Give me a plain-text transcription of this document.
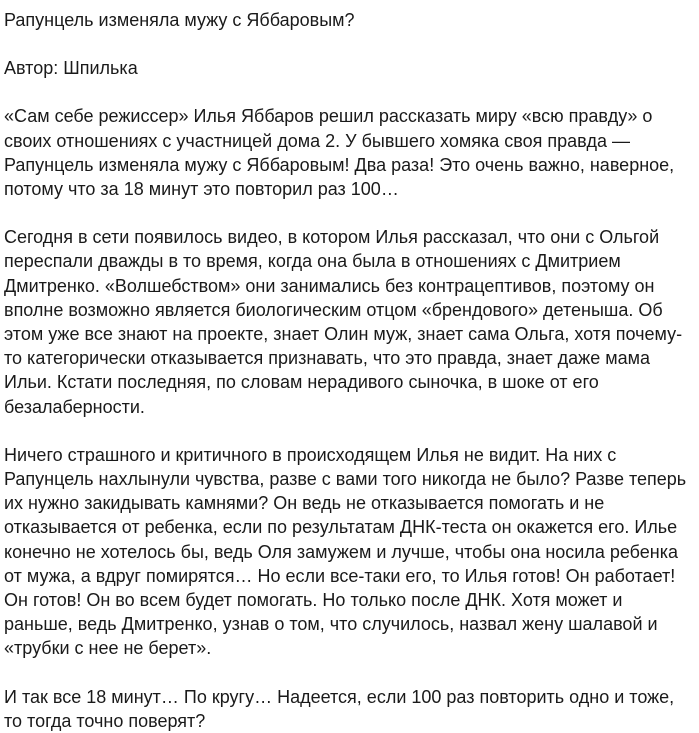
Рапунцель изменяла мужу с Яббаровым?

Автор: Шпилька

«Сам себе режиссер» Илья Яббаров решил рассказать миру «всю правду» о своих отношениях с участницей дома 2. У бывшего хомяка своя правда — Рапунцель изменяла мужу с Яббаровым! Два раза! Это очень важно, наверное, потому что за 18 минут это повторил раз 100…

Сегодня в сети появилось видео, в котором Илья рассказал, что они с Ольгой переспали дважды в то время, когда она была в отношениях с Дмитрием Дмитренко. «Волшебством» они занимались без контрацептивов, поэтому он вполне возможно является биологическим отцом «брендового» детеныша. Об этом уже все знают на проекте, знает Олин муж, знает сама Ольга, хотя почему-то категорически отказывается признавать, что это правда, знает даже мама Ильи. Кстати последняя, по словам нерадивого сыночка, в шоке от его безалаберности.

Ничего страшного и критичного в происходящем Илья не видит. На них с Рапунцель нахлынули чувства, разве с вами того никогда не было? Разве теперь их нужно закидывать камнями? Он ведь не отказывается помогать и не отказывается от ребенка, если по результатам ДНК-теста он окажется его. Илье конечно не хотелось бы, ведь Оля замужем и лучше, чтобы она носила ребенка от мужа, а вдруг помирятся… Но если все-таки его, то Илья готов! Он работает! Он готов! Он во всем будет помогать. Но только после ДНК. Хотя может и раньше, ведь Дмитренко, узнав о том, что случилось, назвал жену шалавой и «трубки с нее не берет».

И так все 18 минут… По кругу… Надеется, если 100 раз повторить одно и тоже, то тогда точно поверят?
